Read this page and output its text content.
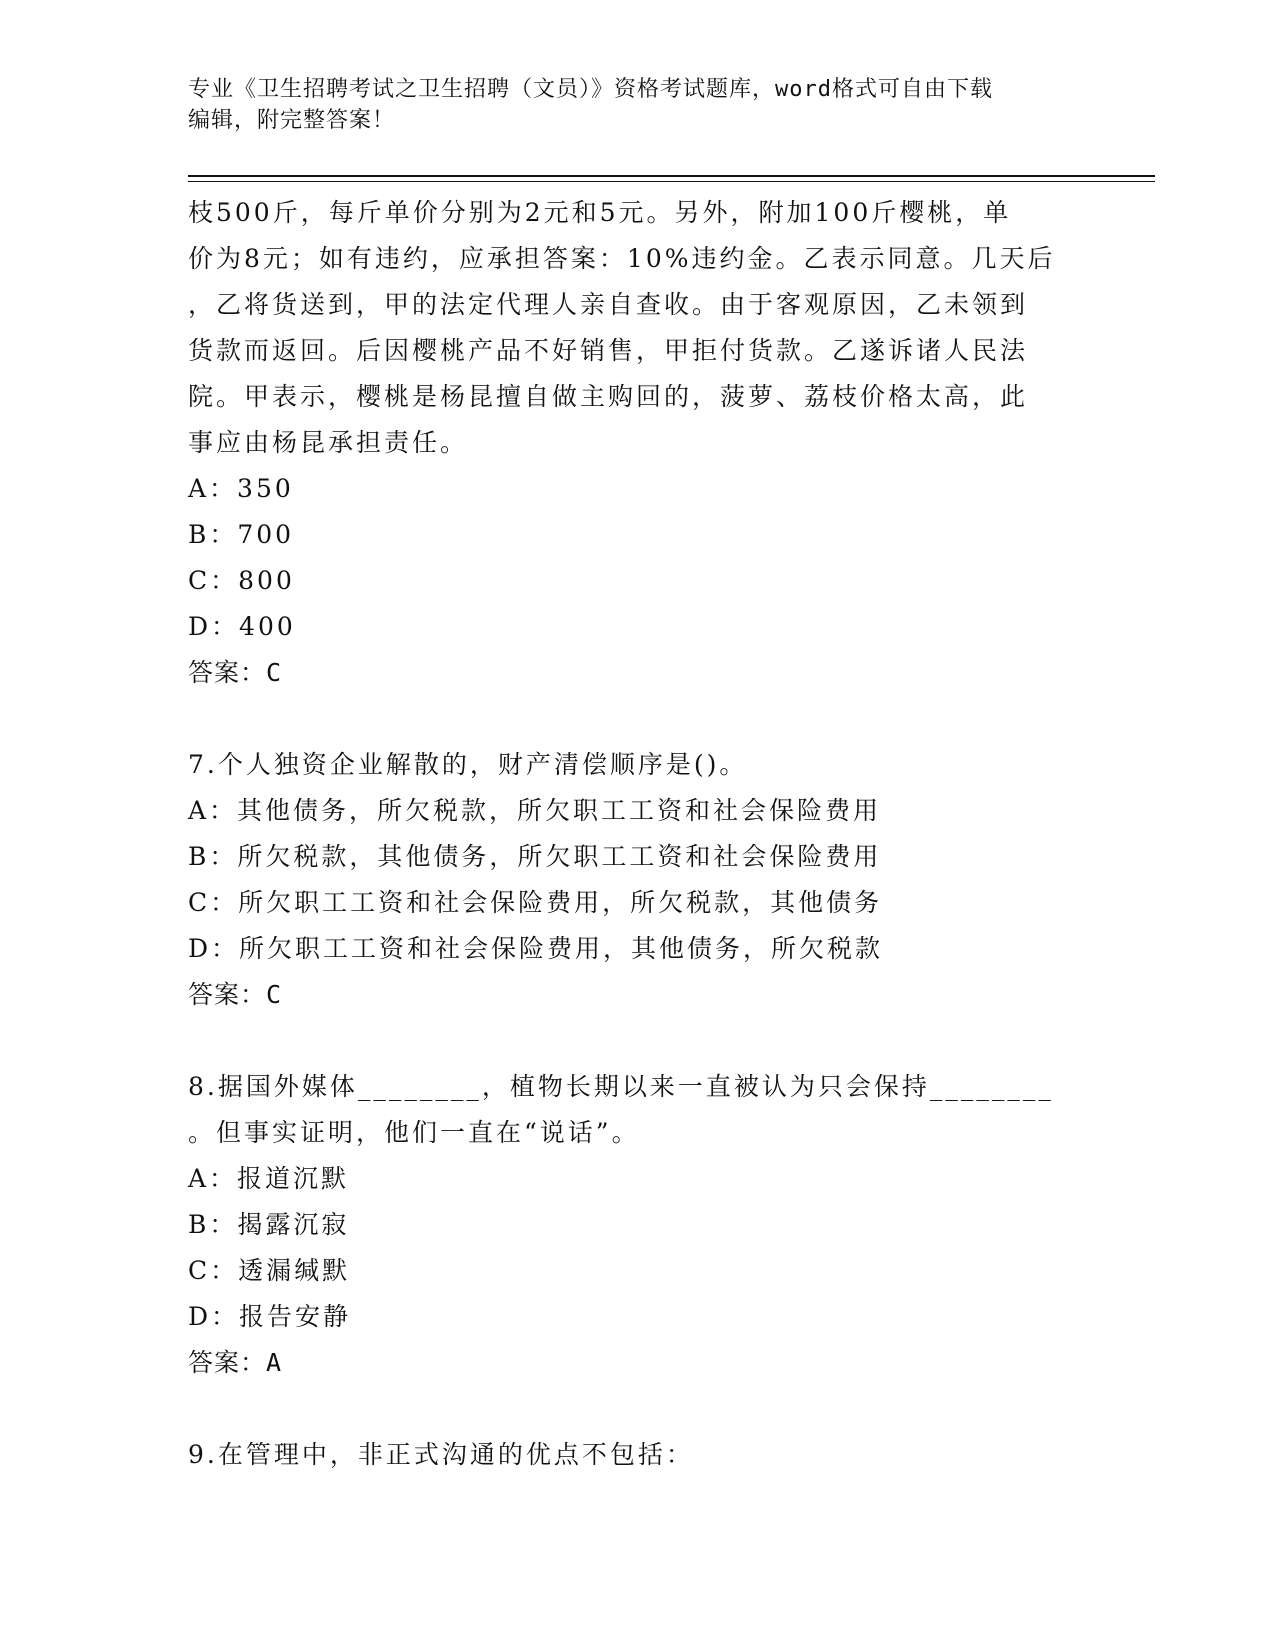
专业《卫生招聘考试之卫生招聘（文员）》资格考试题库，word格式可自由下载
编辑，附完整答案！
枝500斤，每斤单价分别为2元和5元。另外，附加100斤樱桃，单
价为8元；如有违约，应承担答案：10%违约金。乙表示同意。几天后
，乙将货送到，甲的法定代理人亲自查收。由于客观原因，乙未领到
货款而返回。后因樱桃产品不好销售，甲拒付货款。乙遂诉诸人民法
院。甲表示，樱桃是杨昆擅自做主购回的，菠萝、荔枝价格太高，此
事应由杨昆承担责任。
A：350
B：700
C：800
D：400
答案：C
7.个人独资企业解散的，财产清偿顺序是()。
A：其他债务，所欠税款，所欠职工工资和社会保险费用
B：所欠税款，其他债务，所欠职工工资和社会保险费用
C：所欠职工工资和社会保险费用，所欠税款，其他债务
D：所欠职工工资和社会保险费用，其他债务，所欠税款
答案：C
8.据国外媒体________，植物长期以来一直被认为只会保持________
。但事实证明，他们一直在“说话”。
A：报道沉默
B：揭露沉寂
C：透漏缄默
D：报告安静
答案：A
9.在管理中，非正式沟通的优点不包括：
